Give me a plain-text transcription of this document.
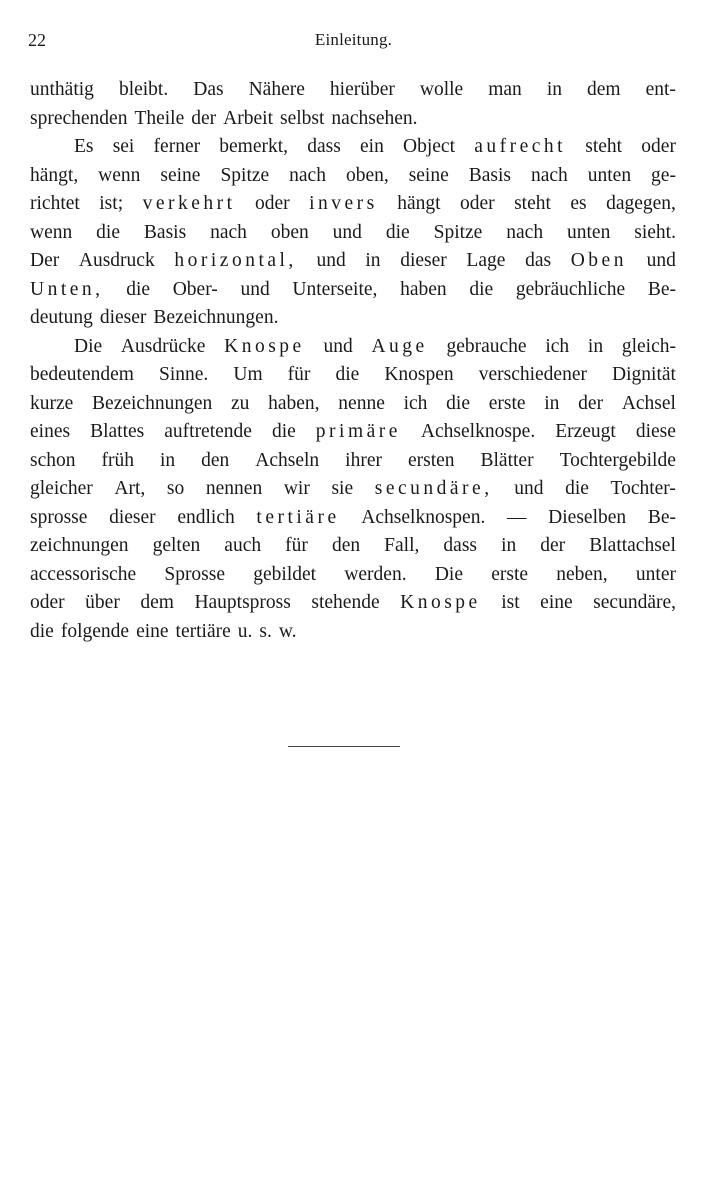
22	Einleitung.
unthätig bleibt. Das Nähere hierüber wolle man in dem ent-
sprechenden Theile der Arbeit selbst nachsehen.
Es sei ferner bemerkt, dass ein Object aufrecht steht oder
hängt, wenn seine Spitze nach oben, seine Basis nach unten ge-
richtet ist; verkehrt oder invers hängt oder steht es dagegen,
wenn die Basis nach oben und die Spitze nach unten sieht.
Der Ausdruck horizontal, und in dieser Lage das Oben und
Unten, die Ober- und Unterseite, haben die gebräuchliche Be-
deutung dieser Bezeichnungen.
Die Ausdrücke Knospe und Auge gebrauche ich in gleich-
bedeutendem Sinne. Um für die Knospen verschiedener Dignität
kurze Bezeichnungen zu haben, nenne ich die erste in der Achsel
eines Blattes auftretende die primäre Achselknospe. Erzeugt diese
schon früh in den Achseln ihrer ersten Blätter Tochtergebilde
gleicher Art, so nennen wir sie secundäre, und die Tochter-
sprosse dieser endlich tertiäre Achselknospen. — Dieselben Be-
zeichnungen gelten auch für den Fall, dass in der Blattachsel
accessorische Sprosse gebildet werden. Die erste neben, unter
oder über dem Hauptspross stehende Knospe ist eine secundäre,
die folgende eine tertiäre u. s. w.
